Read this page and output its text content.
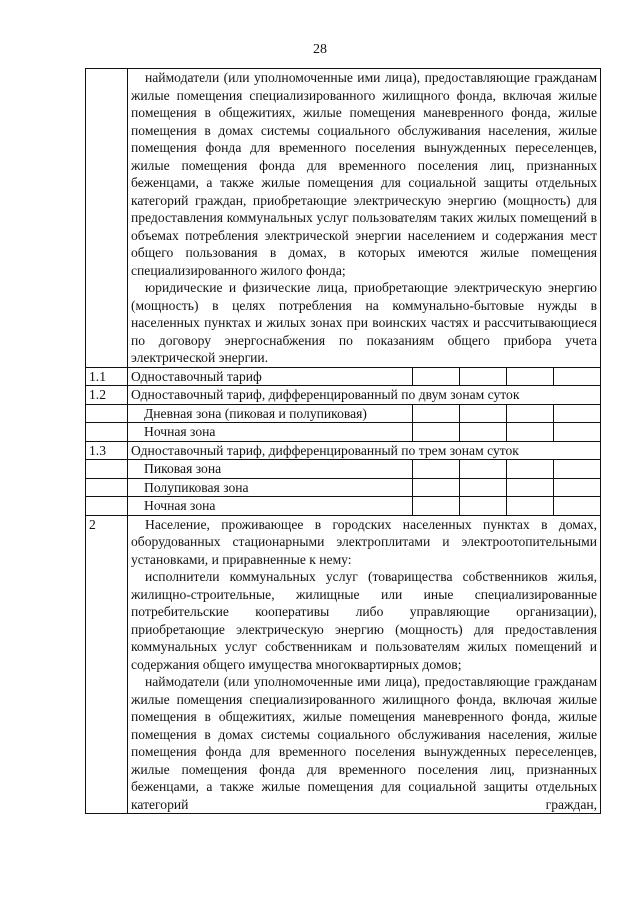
28

	наймодатели (или уполномоченные ими лица), предоставляющие гражданам жилые помещения специализированного жилищного фонда, включая жилые помещения в общежитиях, жилые помещения маневренного фонда, жилые помещения в домах системы социального обслуживания населения, жилые помещения фонда для временного поселения вынужденных переселенцев, жилые помещения фонда для временного поселения лиц, признанных беженцами, а также жилые помещения для социальной защиты отдельных категорий граждан, приобретающие электрическую энергию (мощность) для предоставления коммунальных услуг пользователям таких жилых помещений в объемах потребления электрической энергии населением и содержания мест общего пользования в домах, в которых имеются жилые помещения специализированного жилого фонда;
юридические и физические лица, приобретающие электрическую энергию (мощность) в целях потребления на коммунально-бытовые нужды в населенных пунктах и жилых зонах при воинских частях и рассчитывающиеся по договору энергоснабжения по показаниям общего прибора учета электрической энергии.				

1.1	Одноставочный тариф				
1.2	Одноставочный тариф, дифференцированный по двум зонам суток				
	Дневная зона (пиковая и полупиковая)				
	Ночная зона				
1.3	Одноставочный тариф, дифференцированный по трем зонам суток				
	Пиковая зона				
	Полупиковая зона				
	Ночная зона				
2	Население, проживающее в городских населенных пунктах в домах, оборудованных стационарными электроплитами и электроотопительными установками, и приравненные к нему:
исполнители коммунальных услуг (товарищества собственников жилья, жилищно-строительные, жилищные или иные специализированные потребительские кооперативы либо управляющие организации), приобретающие электрическую энергию (мощность) для предоставления коммунальных услуг собственникам и пользователям жилых помещений и содержания общего имущества многоквартирных домов;
наймодатели (или уполномоченные ими лица), предоставляющие гражданам жилые помещения специализированного жилищного фонда, включая жилые помещения в общежитиях, жилые помещения маневренного фонда, жилые помещения в домах системы социального обслуживания населения, жилые помещения фонда для временного поселения вынужденных переселенцев, жилые помещения фонда для временного поселения лиц, признанных беженцами, а также жилые помещения для социальной защиты отдельных категорий граждан,				
